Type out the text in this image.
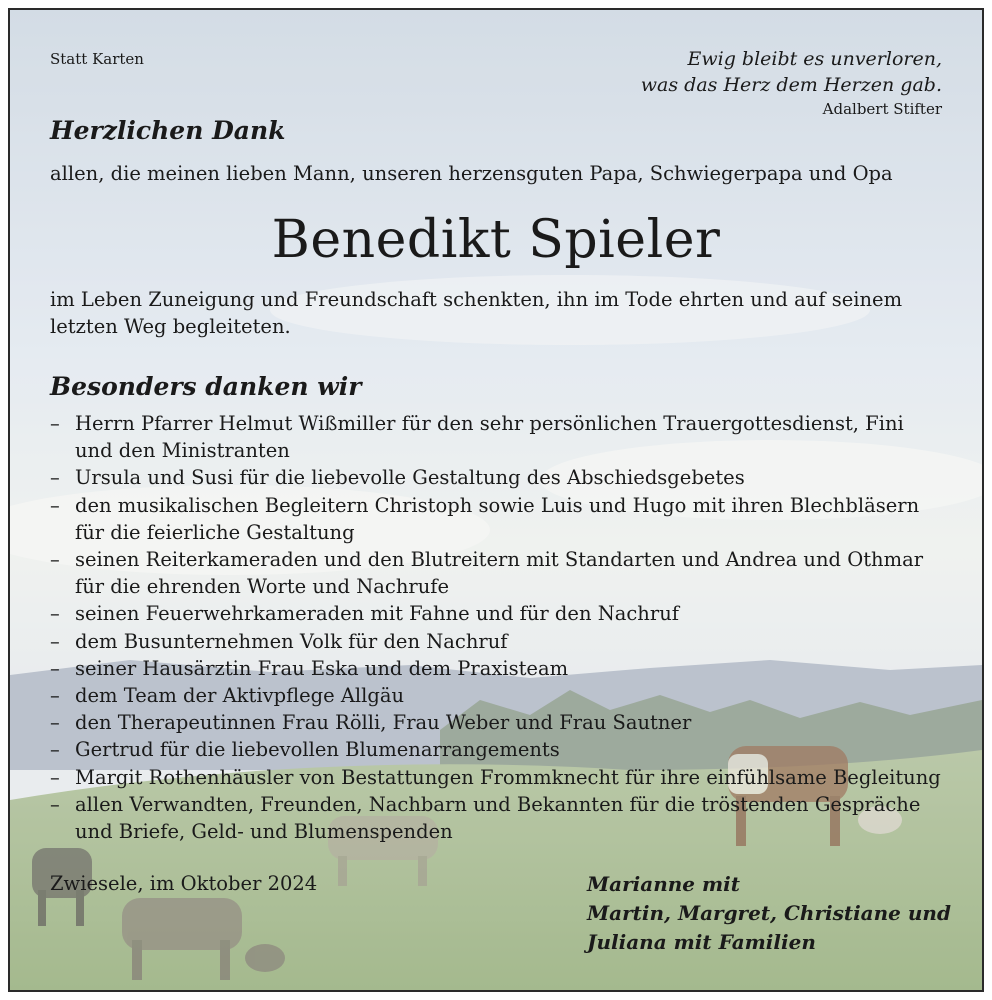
Statt Karten	Ewig bleibt es unverloren,
was das Herz dem Herzen gab.
Adalbert Stifter
Herzlichen Dank
allen, die meinen lieben Mann, unseren herzensguten Papa, Schwiegerpapa und Opa
Benedikt Spieler
im Leben Zuneigung und Freundschaft schenkten, ihn im Tode ehrten und auf seinem
letzten Weg begleiteten.
Besonders danken wir
– Herrn Pfarrer Helmut Wißmiller für den sehr persönlichen Trauergottesdienst, Fini
und den Ministranten
– Ursula und Susi für die liebevolle Gestaltung des Abschiedsgebetes
– den musikalischen Begleitern Christoph sowie Luis und Hugo mit ihren Blechbläsern
für die feierliche Gestaltung
– seinen Reiterkameraden und den Blutreitern mit Standarten und Andrea und Othmar
für die ehrenden Worte und Nachrufe
– seinen Feuerwehrkameraden mit Fahne und für den Nachruf
– dem Busunternehmen Volk für den Nachruf
– seiner Hausärztin Frau Eska und dem Praxisteam
– dem Team der Aktivpflege Allgäu
– den Therapeutinnen Frau Rölli, Frau Weber und Frau Sautner
– Gertrud für die liebevollen Blumenarrangements
– Margit Rothenhäusler von Bestattungen Frommknecht für ihre einfühlsame Begleitung
– allen Verwandten, Freunden, Nachbarn und Bekannten für die tröstenden Gespräche
und Briefe, Geld- und Blumenspenden
Zwiesele, im Oktober 2024	Marianne mit
Martin, Margret, Christiane und
Juliana mit Familien
